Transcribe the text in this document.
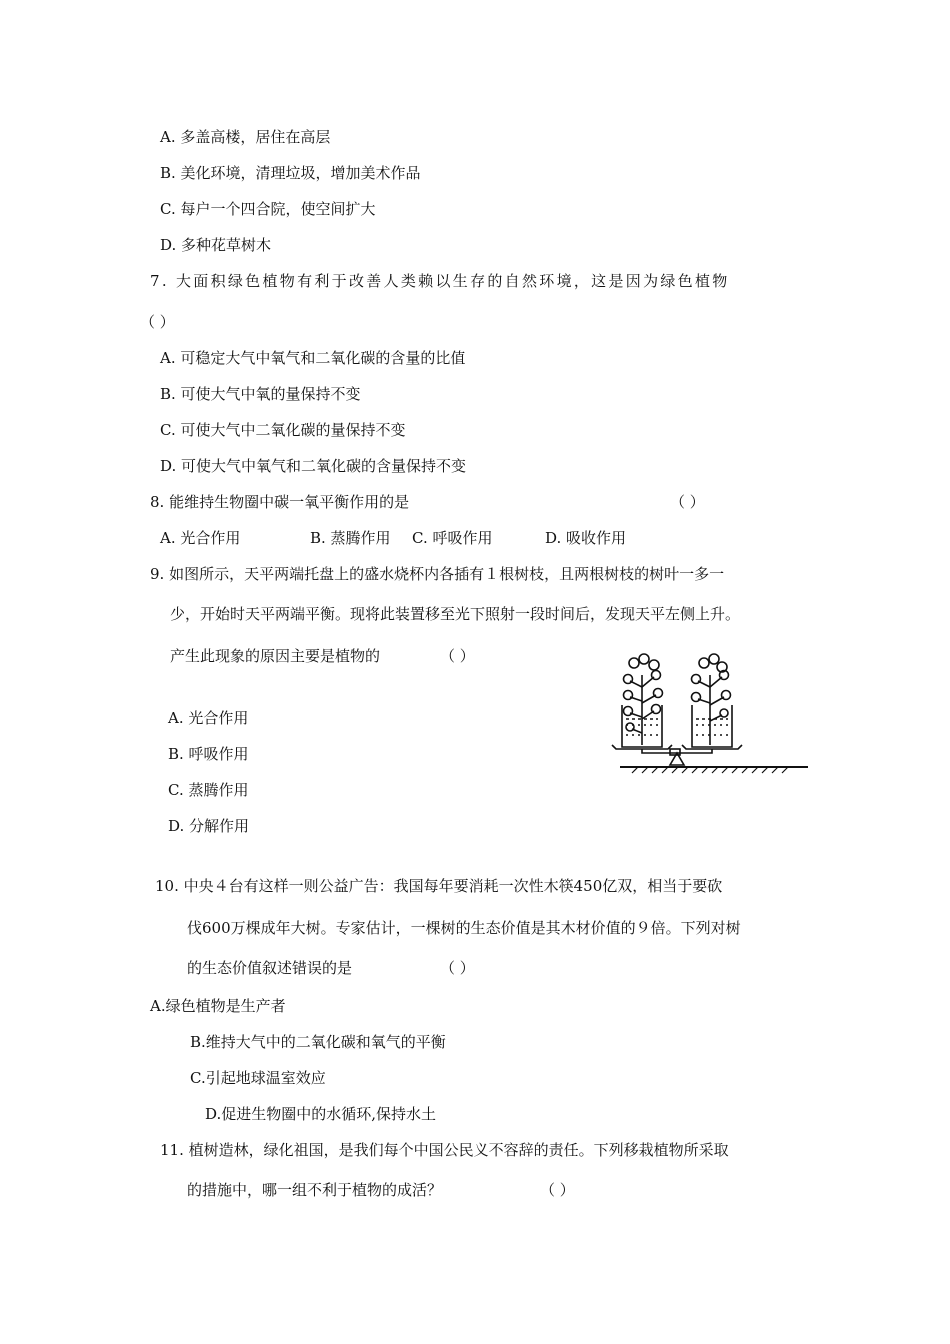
A. 多盖高楼，居住在高层
B. 美化环境，清理垃圾，增加美术作品
C. 每户一个四合院，使空间扩大
D. 多种花草树木
7. 大面积绿色植物有利于改善人类赖以生存的自然环境，这是因为绿色植物
（ ）
A. 可稳定大气中氧气和二氧化碳的含量的比值
B. 可使大气中氧的量保持不变
C. 可使大气中二氧化碳的量保持不变
D. 可使大气中氧气和二氧化碳的含量保持不变
8. 能维持生物圈中碳一氧平衡作用的是	（ ）
A. 光合作用	B. 蒸腾作用 C. 呼吸作用	D. 吸收作用
9. 如图所示，天平两端托盘上的盛水烧杯内各插有１根树枝，且两根树枝的树叶一多一
少，开始时天平两端平衡。现将此装置移至光下照射一段时间后，发现天平左侧上升。
产生此现象的原因主要是植物的	（ ）
A. 光合作用
B. 呼吸作用
C. 蒸腾作用
D. 分解作用
10. 中央４台有这样一则公益广告：我国每年要消耗一次性木筷450亿双，相当于要砍
伐600万棵成年大树。专家估计，一棵树的生态价值是其木材价值的９倍。下列对树
的生态价值叙述错误的是	（ ）
A.绿色植物是生产者
B.维持大气中的二氧化碳和氧气的平衡
C.引起地球温室效应
D.促进生物圈中的水循环,保持水土
11. 植树造林，绿化祖国，是我们每个中国公民义不容辞的责任。下列移栽植物所采取
的措施中，哪一组不利于植物的成活？	（ ）
